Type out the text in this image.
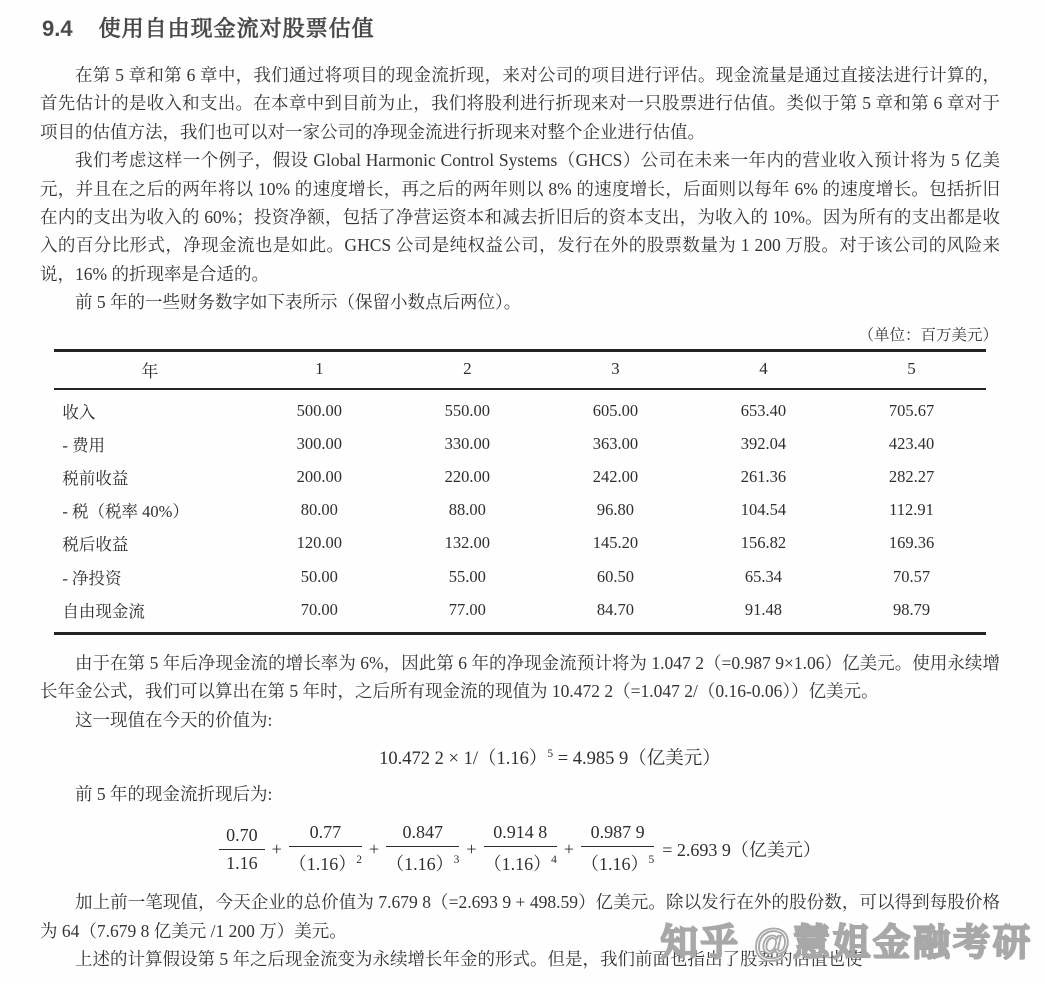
9.4 使用自由现金流对股票估值

在第 5 章和第 6 章中，我们通过将项目的现金流折现，来对公司的项目进行评估。现金流量是通过直接法进行计算的，首先估计的是收入和支出。在本章中到目前为止，我们将股利进行折现来对一只股票进行估值。类似于第 5 章和第 6 章对于项目的估值方法，我们也可以对一家公司的净现金流进行折现来对整个企业进行估值。

我们考虑这样一个例子，假设 Global Harmonic Control Systems（GHCS）公司在未来一年内的营业收入预计将为 5 亿美元，并且在之后的两年将以 10% 的速度增长，再之后的两年则以 8% 的速度增长，后面则以每年 6% 的速度增长。包括折旧在内的支出为收入的 60%；投资净额，包括了净营运资本和减去折旧后的资本支出，为收入的 10%。因为所有的支出都是收入的百分比形式，净现金流也是如此。GHCS 公司是纯权益公司，发行在外的股票数量为 1 200 万股。对于该公司的风险来说，16% 的折现率是合适的。

前 5 年的一些财务数字如下表所示（保留小数点后两位）。

（单位：百万美元）
年	1	2	3	4	5
收入	500.00	550.00	605.00	653.40	705.67
- 费用	300.00	330.00	363.00	392.04	423.40
税前收益	200.00	220.00	242.00	261.36	282.27
- 税（税率 40%）	80.00	88.00	96.80	104.54	112.91
税后收益	120.00	132.00	145.20	156.82	169.36
- 净投资	50.00	55.00	60.50	65.34	70.57
自由现金流	70.00	77.00	84.70	91.48	98.79

由于在第 5 年后净现金流的增长率为 6%，因此第 6 年的净现金流预计将为 1.047 2（=0.987 9×1.06）亿美元。使用永续增长年金公式，我们可以算出在第 5 年时，之后所有现金流的现值为 10.472 2（=1.047 2/（0.16-0.06））亿美元。

这一现值在今天的价值为:

10.472 $2 \times 1/(1.16)^5 = 4.985$ 9（亿美元）

前 5 年的现金流折现后为:

$\frac{0.70}{1.16} + \frac{0.77}{(1.16)^2} + \frac{0.847}{(1.16)^3} + \frac{0.914 8}{(1.16)^4} + \frac{0.987 9}{(1.16)^5} = 2.693$ 9（亿美元）

加上前一笔现值，今天企业的总价值为 7.679 8（=2.693 9 + 498.59）亿美元。除以发行在外的股份数，可以得到每股价格为 64（7.679 8 亿美元 /1 200 万）美元。

上述的计算假设第 5 年之后现金流变为永续增长年金的形式。但是，我们前面也指出了股票的估值也使

知乎 @慧姐金融考研
